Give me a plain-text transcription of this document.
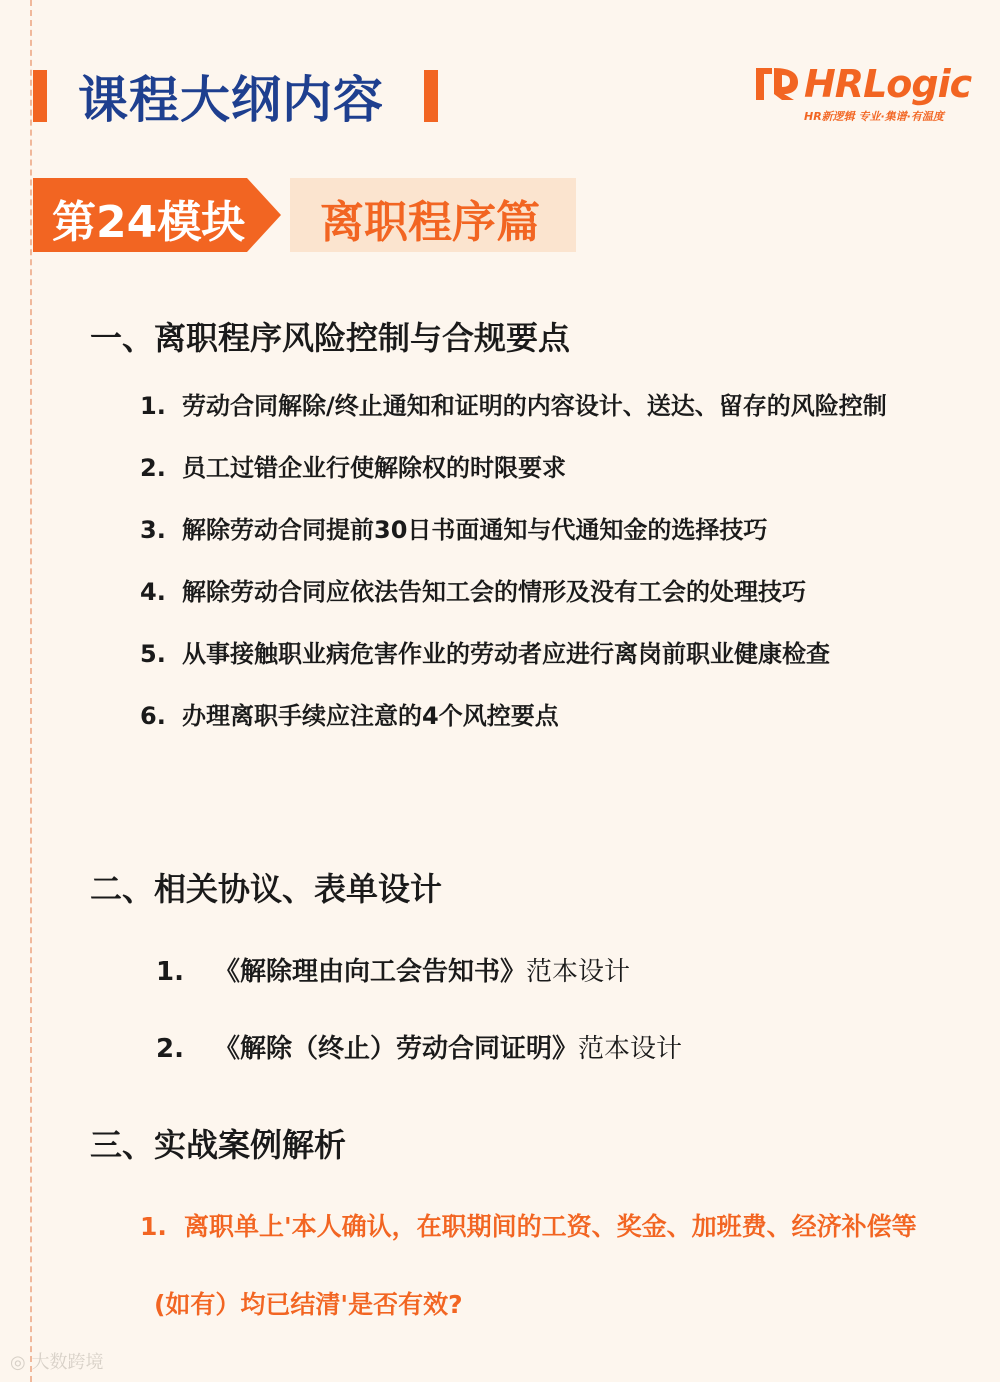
课程大纲内容	HRLogic
HR新逻辑 专业·集谱·有温度
第24模块 离职程序篇
一、离职程序风险控制与合规要点
1. 劳动合同解除/终止通知和证明的内容设计、送达、留存的风险控制
2. 员工过错企业行使解除权的时限要求
3. 解除劳动合同提前30日书面通知与代通知金的选择技巧
4. 解除劳动合同应依法告知工会的情形及没有工会的处理技巧
5. 从事接触职业病危害作业的劳动者应进行离岗前职业健康检查
6. 办理离职手续应注意的4个风控要点
二、相关协议、表单设计
1. 《解除理由向工会告知书》范本设计
2. 《解除（终止）劳动合同证明》范本设计
三、实战案例解析
1. 离职单上'本人确认，在职期间的工资、奖金、加班费、经济补偿等
(如有）均已结清'是否有效?
◎ 大数跨境
